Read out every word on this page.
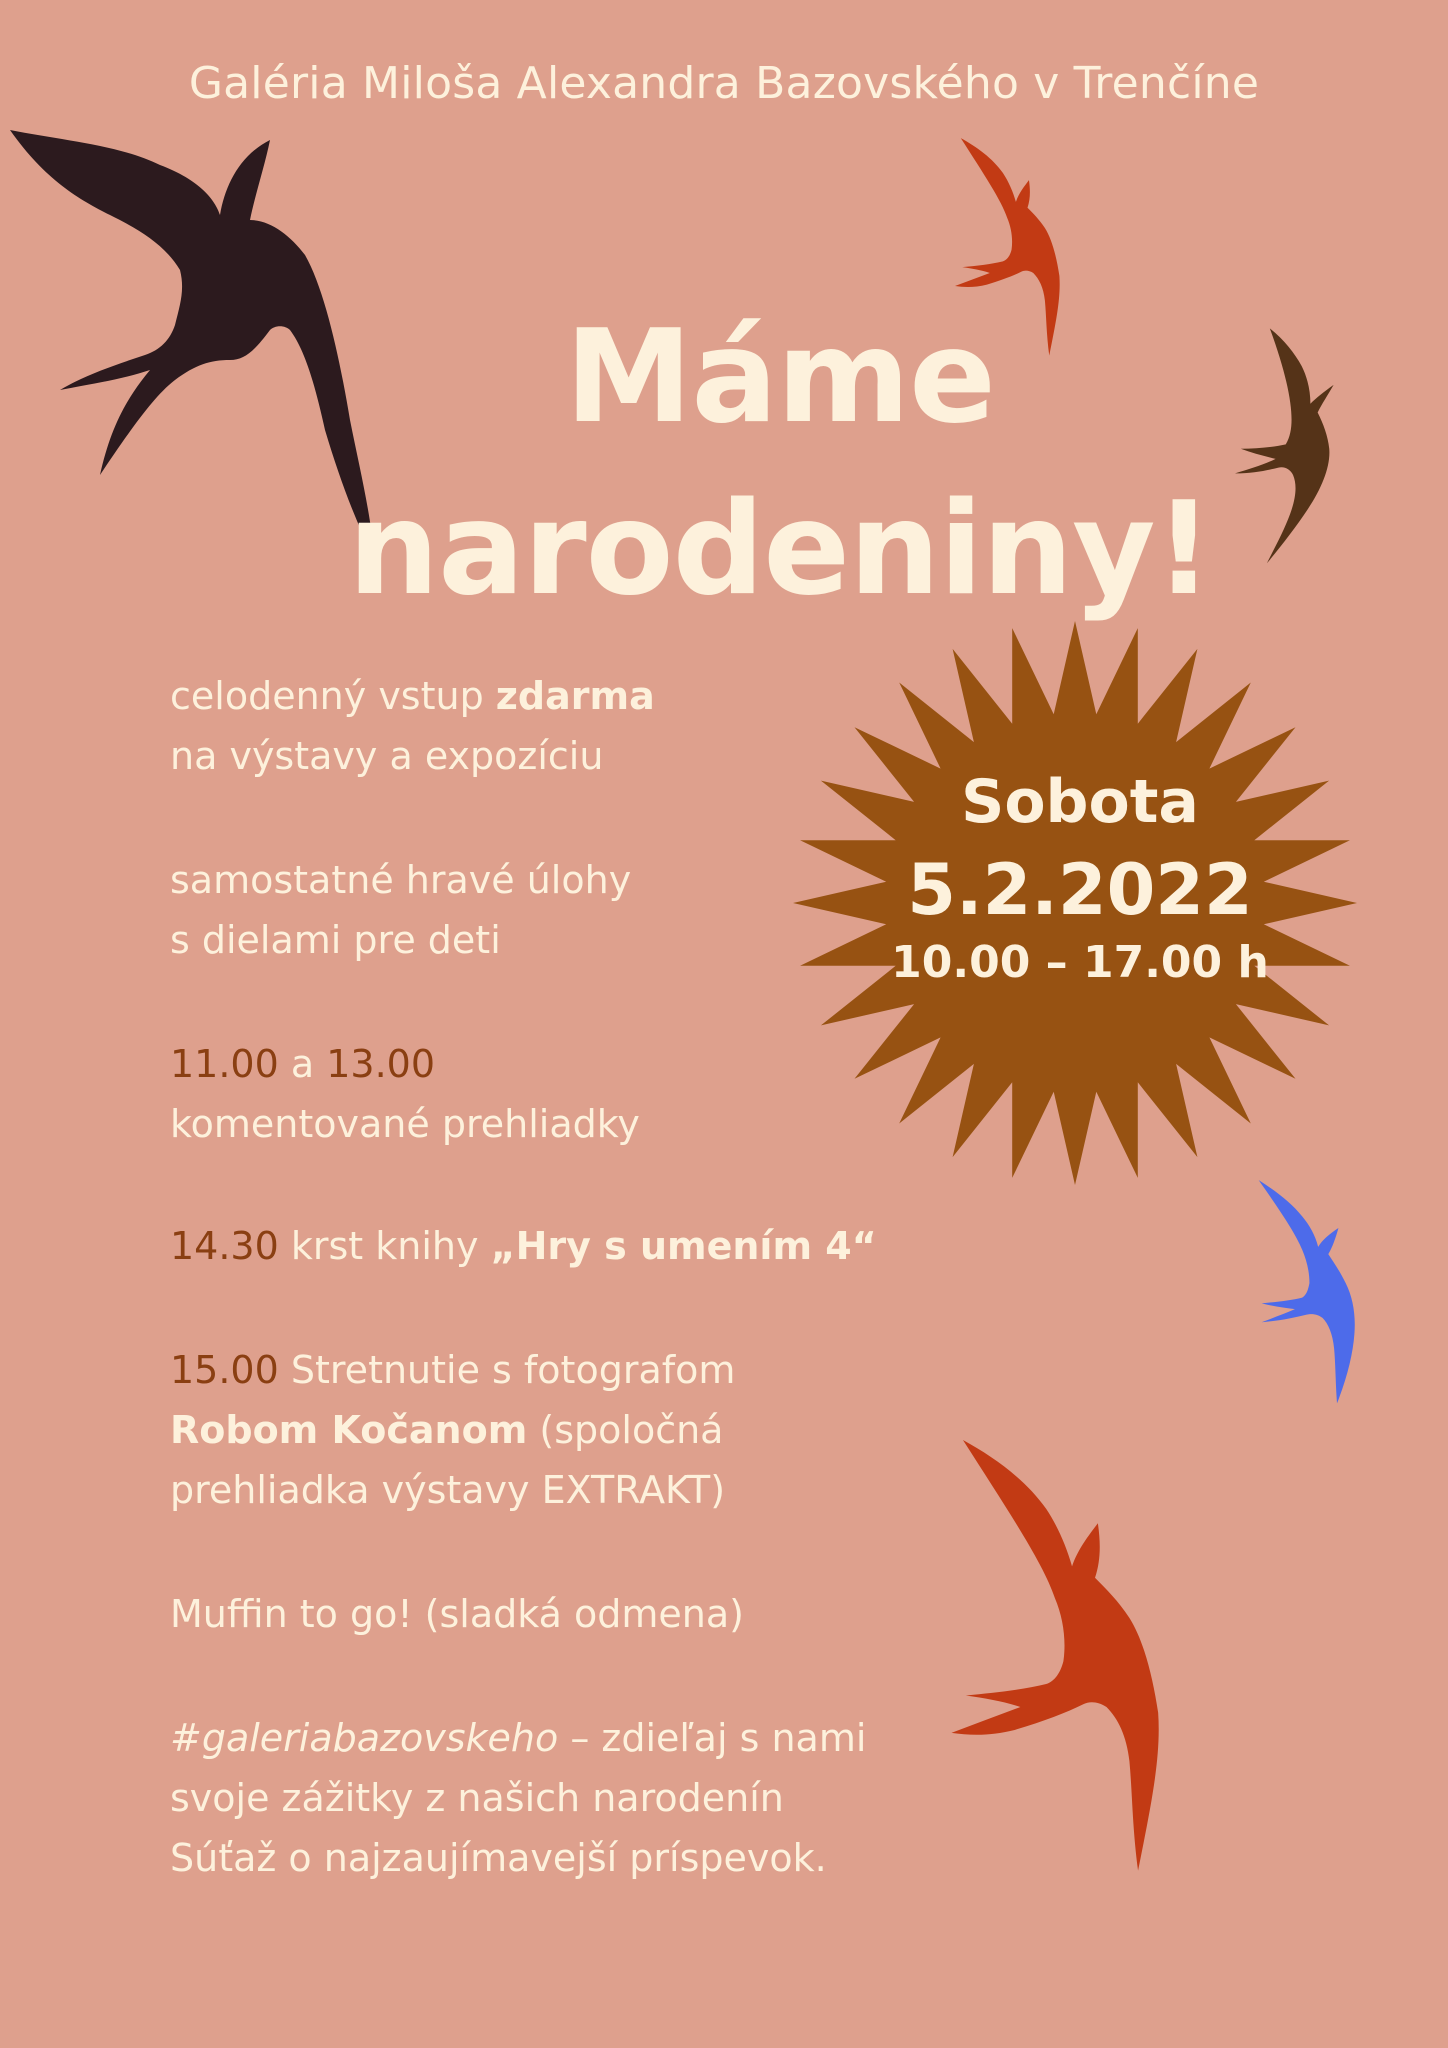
Galéria Miloša Alexandra Bazovského v Trenčíne
Máme
narodeniny!
Sobota
5.2.2022
10.00 – 17.00 h

celodenný vstup zdarma

na výstavy a expozíciu

samostatné hravé úlohy

s dielami pre deti

11.00 a 13.00

komentované prehliadky

14.30 krst knihy „Hry s umením 4“

15.00 Stretnutie s fotografom

Robom Kočanom (spoločná

prehliadka výstavy EXTRAKT)

Muffin to go! (sladká odmena)

#galeriabazovskeho – zdieľaj s nami

svoje zážitky z našich narodenín

Súťaž o najzaujímavejší príspevok.
